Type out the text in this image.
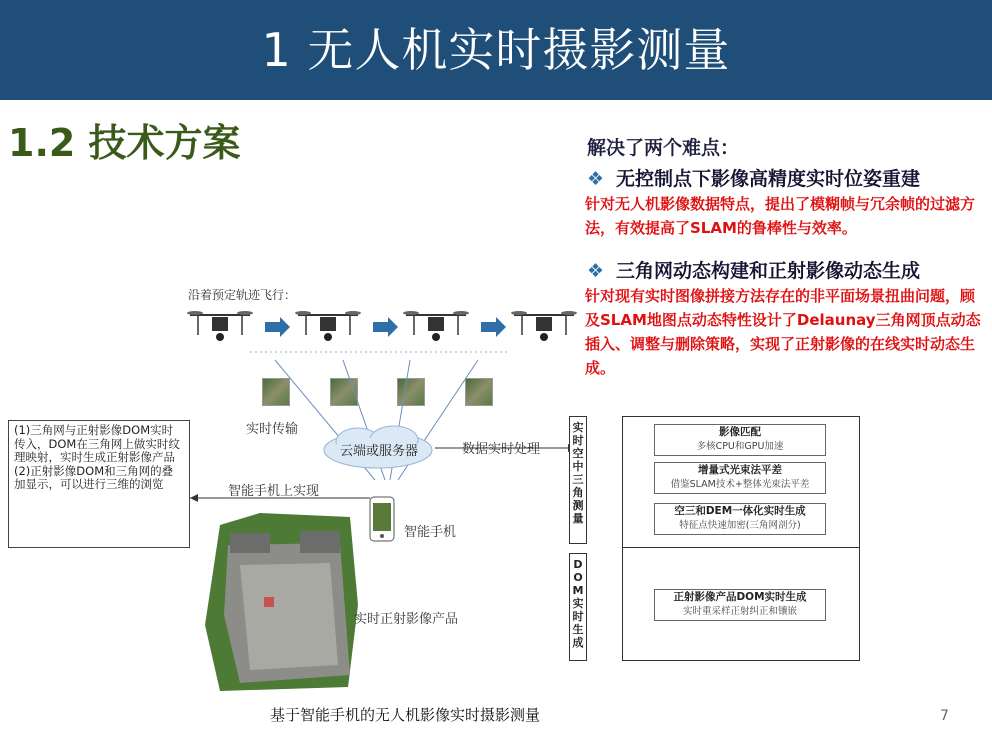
1 无人机实时摄影测量
1.2 技术方案	解决了两个难点：
❖ 无控制点下影像高精度实时位姿重建
针对无人机影像数据特点，提出了模糊帧与冗余帧的过滤方法，有效提高了SLAM的鲁棒性与效率。
❖ 三角网动态构建和正射影像动态生成
针对现有实时图像拼接方法存在的非平面场景扭曲问题，顾及SLAM地图点动态特性设计了Delaunay三角网顶点动态插入、调整与删除策略，实现了正射影像的在线实时动态生成。
沿着预定轨迹飞行：
实时传输
云端或服务器	数据实时处理
智能手机上实现
智能手机
(1)三角网与正射影像DOM实时传入，DOM在三角网上做实时纹理映射，实时生成正射影像产品
(2)正射影像DOM和三角网的叠加显示，可以进行三维的浏览
实时正射影像产品
实
时
空
中
三
角
测
量
D
O
M
实
时
生
成
影像匹配
多核CPU和GPU加速
增量式光束法平差
借鉴SLAM技术+整体光束法平差
空三和DEM一体化实时生成
特征点快速加密(三角网剖分)
正射影像产品DOM实时生成
实时重采样正射纠正和镶嵌
基于智能手机的无人机影像实时摄影测量	7
